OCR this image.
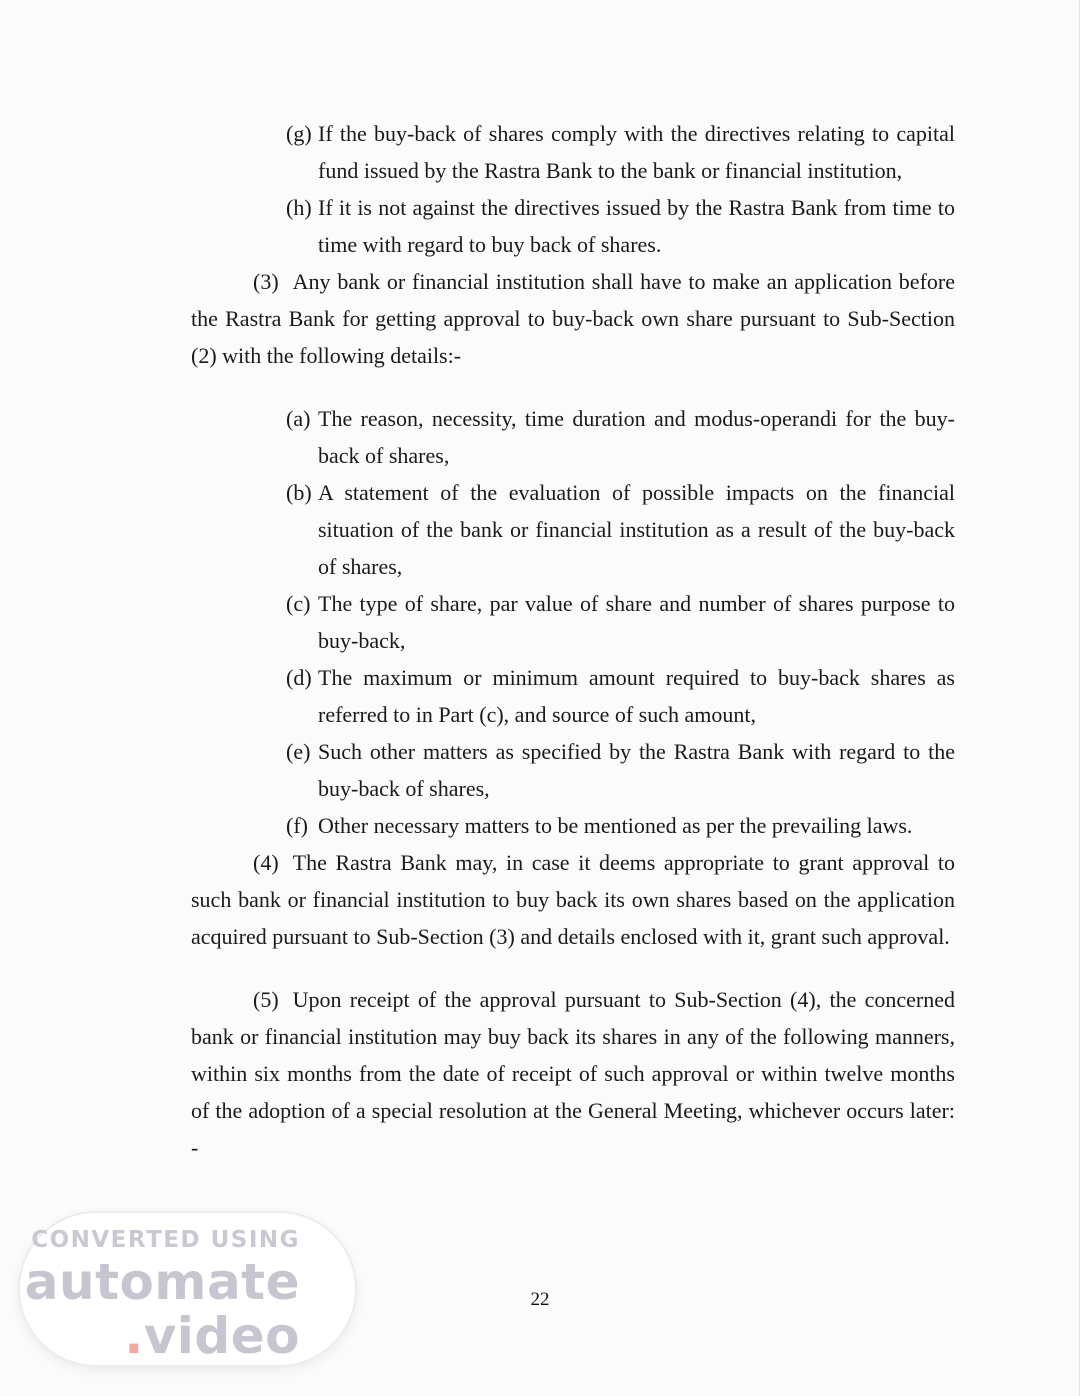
(g) If the buy-back of shares comply with the directives relating to capital fund issued by the Rastra Bank to the bank or financial institution,
(h) If it is not against the directives issued by the Rastra Bank from time to time with regard to buy back of shares.

(3) Any bank or financial institution shall have to make an application before the Rastra Bank for getting approval to buy-back own share pursuant to Sub-Section (2) with the following details:-

(a) The reason, necessity, time duration and modus-operandi for the buy-back of shares,
(b) A statement of the evaluation of possible impacts on the financial situation of the bank or financial institution as a result of the buy-back of shares,
(c) The type of share, par value of share and number of shares purpose to buy-back,
(d) The maximum or minimum amount required to buy-back shares as referred to in Part (c), and source of such amount,
(e) Such other matters as specified by the Rastra Bank with regard to the buy-back of shares,
(f) Other necessary matters to be mentioned as per the prevailing laws.

(4) The Rastra Bank may, in case it deems appropriate to grant approval to such bank or financial institution to buy back its own shares based on the application acquired pursuant to Sub-Section (3) and details enclosed with it, grant such approval.

(5) Upon receipt of the approval pursuant to Sub-Section (4), the concerned bank or financial institution may buy back its shares in any of the following manners, within six months from the date of receipt of such approval or within twelve months of the adoption of a special resolution at the General Meeting, whichever occurs later: -

22
CONVERTED USING
automate
.video
